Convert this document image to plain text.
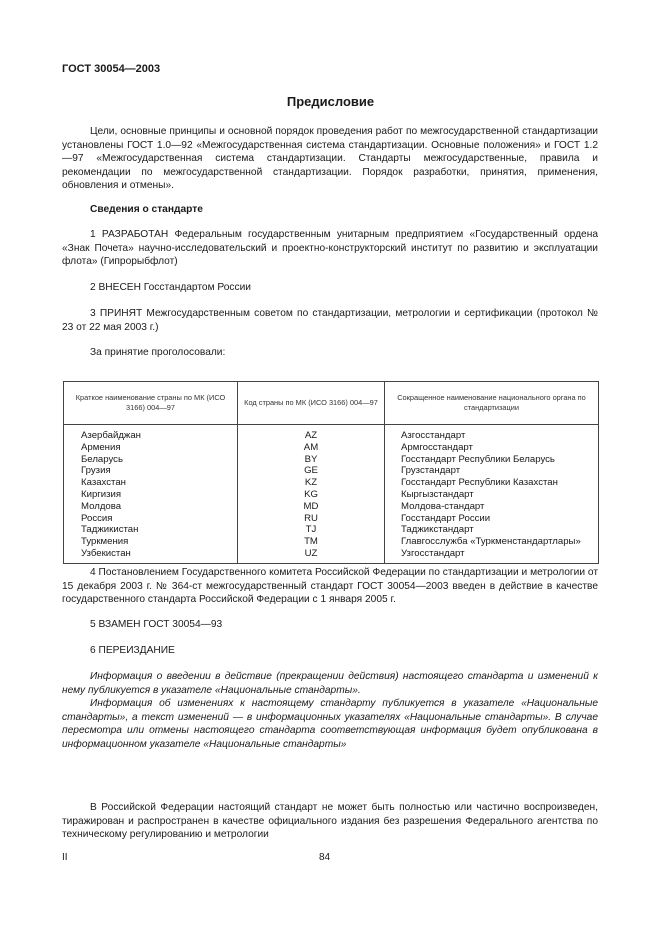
ГОСТ 30054—2003
Предисловие
Цели, основные принципы и основной порядок проведения работ по межгосударственной стандартизации установлены ГОСТ 1.0—92 «Межгосударственная система стандартизации. Основные положения» и ГОСТ 1.2—97 «Межгосударственная система стандартизации. Стандарты межгосударственные, правила и рекомендации по межгосударственной стандартизации. Порядок разработки, принятия, применения, обновления и отмены».
Сведения о стандарте
1 РАЗРАБОТАН Федеральным государственным унитарным предприятием «Государственный ордена «Знак Почета» научно-исследовательский и проектно-конструкторский институт по развитию и эксплуатации флота» (Гипрорыбфлот)
2 ВНЕСЕН Госстандартом России
3 ПРИНЯТ Межгосударственным советом по стандартизации, метрологии и сертификации (протокол № 23 от 22 мая 2003 г.)
За принятие проголосовали:
Краткое наименование страны по МК (ИСО 3166) 004—97	Код страны по МК (ИСО 3166) 004—97	Сокращенное наименование национального органа по стандартизации
Азербайджан	AZ	Азгосстандарт
Армения	AM	Армгосстандарт
Беларусь	BY	Госстандарт Республики Беларусь
Грузия	GE	Грузстандарт
Казахстан	KZ	Госстандарт Республики Казахстан
Киргизия	KG	Кыргызстандарт
Молдова	MD	Молдова-стандарт
Россия	RU	Госстандарт России
Таджикистан	TJ	Таджикстандарт
Туркмения	TM	Главгосслужба «Туркменстандартлары»
Узбекистан	UZ	Узгосстандарт
4 Постановлением Государственного комитета Российской Федерации по стандартизации и метрологии от 15 декабря 2003 г. № 364-ст межгосударственный стандарт ГОСТ 30054—2003 введен в действие в качестве государственного стандарта Российской Федерации с 1 января 2005 г.
5 ВЗАМЕН ГОСТ 30054—93
6 ПЕРЕИЗДАНИЕ
Информация о введении в действие (прекращении действия) настоящего стандарта и изменений к нему публикуется в указателе «Национальные стандарты».
Информация об изменениях к настоящему стандарту публикуется в указателе «Национальные стандарты», а текст изменений — в информационных указателях «Национальные стандарты». В случае пересмотра или отмены настоящего стандарта соответствующая информация будет опубликована в информационном указателе «Национальные стандарты»
В Российской Федерации настоящий стандарт не может быть полностью или частично воспроизведен, тиражирован и распространен в качестве официального издания без разрешения Федерального агентства по техническому регулированию и метрологии
II	84
